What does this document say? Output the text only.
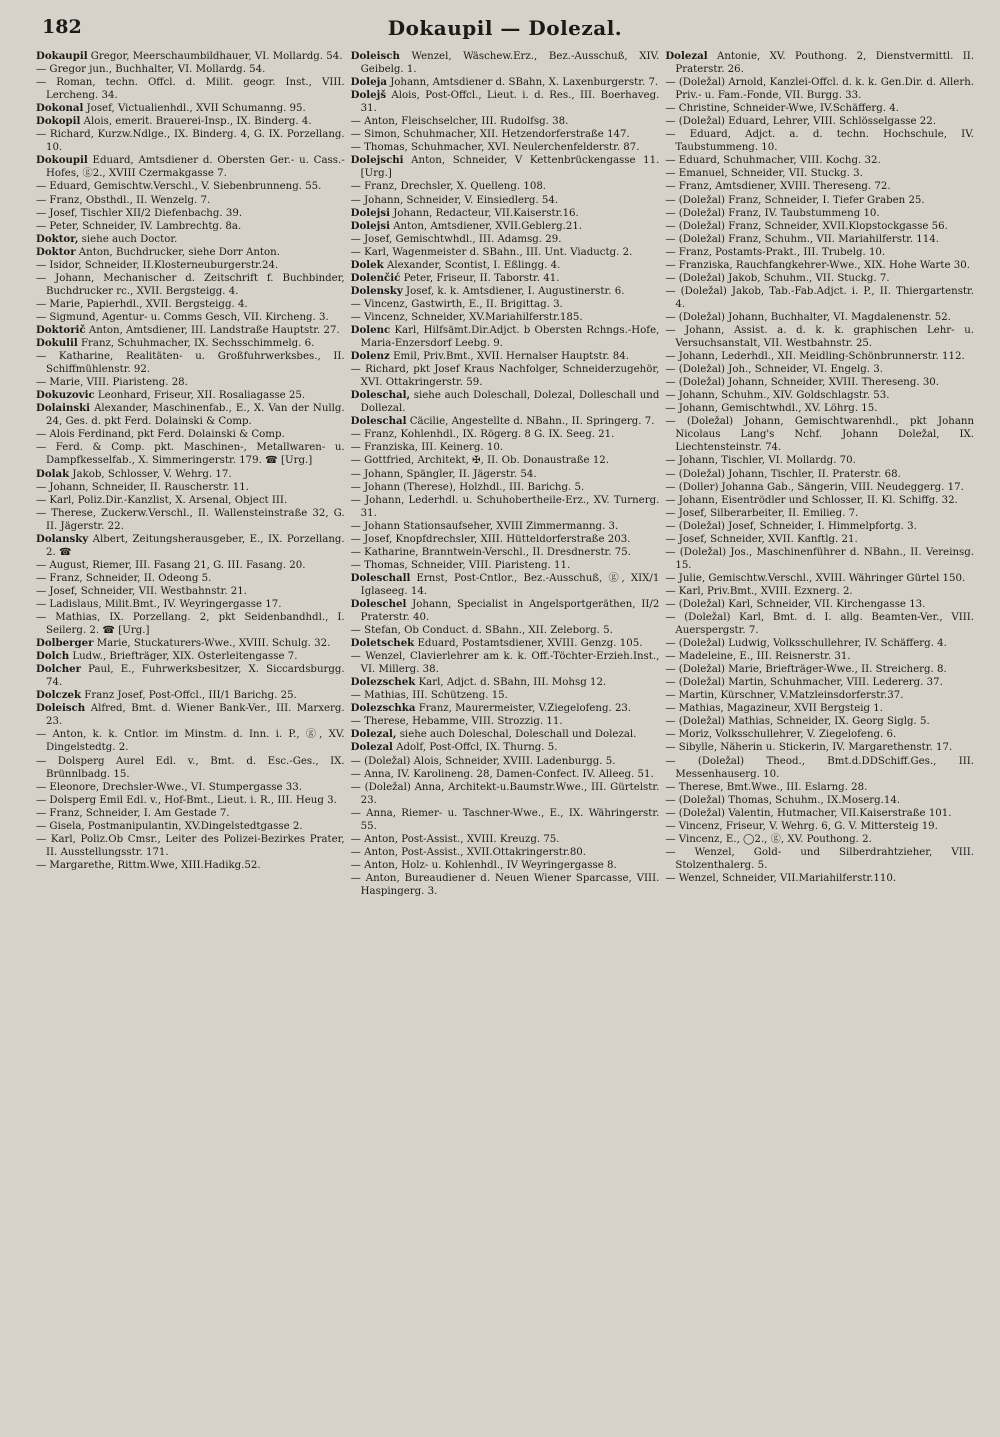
182	Dokaupil — Dolezal.

Dokaupil Gregor, Meerschaumbildhauer, VI. Mollardg. 54.

— Gregor jun., Buchhalter, VI. Mollardg. 54.

— Roman, techn. Offcl. d. Milit. geogr. Inst., VIII. Lercheng. 34.

Dokonal Josef, Victualienhdl., XVII Schumanng. 95.

Dokopil Alois, emerit. Brauerei-Insp., IX. Binderg. 4.

— Richard, Kurzw.Ndlge., IX. Binderg. 4, G. IX. Porzellang. 10.

Dokoupil Eduard, Amtsdiener d. Obersten Ger.- u. Cass.-Hofes, ⓖ2., XVIII Czermakgasse 7.

— Eduard, Gemischtw.Verschl., V. Siebenbrunneng. 55.

— Franz, Obsthdl., II. Wenzelg. 7.

— Josef, Tischler XII/2 Diefenbachg. 39.

— Peter, Schneider, IV. Lambrechtg. 8a.

Doktor, siehe auch Doctor.

Doktor Anton, Buchdrucker, siehe Dorr Anton.

— Isidor, Schneider, II.Klosterneuburgerstr.24.

— Johann, Mechanischer d. Zeitschrift f. Buchbinder, Buchdrucker rc., XVII. Bergsteigg. 4.

— Marie, Papierhdl., XVII. Bergsteigg. 4.

— Sigmund, Agentur- u. Comms Gesch, VII. Kircheng. 3.

Doktorič Anton, Amtsdiener, III. Landstraße Hauptstr. 27.

Dokulil Franz, Schuhmacher, IX. Sechsschimmelg. 6.

— Katharine, Realitäten- u. Großfuhrwerksbes., II. Schiffmühlenstr. 92.

— Marie, VIII. Piaristeng. 28.

Dokuzovic Leonhard, Friseur, XII. Rosaliagasse 25.

Dolainski Alexander, Maschinenfab., E., X. Van der Nullg. 24, Ges. d. pkt Ferd. Dolainski & Comp.

— Alois Ferdinand, pkt Ferd. Dolainski & Comp.

— Ferd. & Comp. pkt. Maschinen-, Metallwaren- u. Dampfkesselfab., X. Simmeringerstr. 179. ☎ [Urg.]

Dolak Jakob, Schlosser, V. Wehrg. 17.

— Johann, Schneider, II. Rauscherstr. 11.

— Karl, Poliz.Dir.-Kanzlist, X. Arsenal, Object III.

— Therese, Zuckerw.Verschl., II. Wallensteinstraße 32, G. II. Jägerstr. 22.

Dolansky Albert, Zeitungsherausgeber, E., IX. Porzellang. 2. ☎

— August, Riemer, III. Fasang 21, G. III. Fasang. 20.

— Franz, Schneider, II. Odeong 5.

— Josef, Schneider, VII. Westbahnstr. 21.

— Ladislaus, Milit.Bmt., IV. Weyringergasse 17.

— Mathias, IX. Porzellang. 2, pkt Seidenbandhdl., I. Seilerg. 2. ☎ [Urg.]

Dolberger Marie, Stuckaturers-Wwe., XVIII. Schulg. 32.

Dolch Ludw., Briefträger, XIX. Osterleitengasse 7.

Dolcher Paul, E., Fuhrwerksbesitzer, X. Siccardsburgg. 74.

Dolczek Franz Josef, Post-Offcl., III/1 Barichg. 25.

Doleisch Alfred, Bmt. d. Wiener Bank-Ver., III. Marxerg. 23.

— Anton, k. k. Cntlor. im Minstm. d. Inn. i. P., ⓖ, XV. Dingelstedtg. 2.

— Dolsperg Aurel Edl. v., Bmt. d. Esc.-Ges., IX. Brünnlbadg. 15.

— Eleonore, Drechsler-Wwe., VI. Stumpergasse 33.

— Dolsperg Emil Edl. v., Hof-Bmt., Lieut. i. R., III. Heug 3.

— Franz, Schneider, I. Am Gestade 7.

— Gisela, Postmanipulantin, XV.Dingelstedtgasse 2.

— Karl, Poliz.Ob Cmsr., Leiter des Polizei-Bezirkes Prater, II. Ausstellungsstr. 171.

— Margarethe, Rittm.Wwe, XIII.Hadikg.52.

Doleisch Wenzel, Wäschew.Erz., Bez.-Ausschuß, XIV. Geibelg. 1.

Doleja Johann, Amtsdiener d. SBahn, X. Laxenburgerstr. 7.

Dolejš Alois, Post-Offcl., Lieut. i. d. Res., III. Boerhaveg. 31.

— Anton, Fleischselcher, III. Rudolfsg. 38.

— Simon, Schuhmacher, XII. Hetzendorferstraße 147.

— Thomas, Schuhmacher, XVI. Neulerchenfelderstr. 87.

Dolejschi Anton, Schneider, V Kettenbrückengasse 11. [Urg.]

— Franz, Drechsler, X. Quelleng. 108.

— Johann, Schneider, V. Einsiedlerg. 54.

Dolejsi Johann, Redacteur, VII.Kaiserstr.16.

Dolejsi Anton, Amtsdiener, XVII.Geblerg.21.

— Josef, Gemischtwhdl., III. Adamsg. 29.

— Karl, Wagenmeister d. SBahn., III. Unt. Viaductg. 2.

Dolek Alexander, Scontist, I. Eßlingg. 4.

Dolenčić Peter, Friseur, II. Taborstr. 41.

Dolensky Josef, k. k. Amtsdiener, I. Augustinerstr. 6.

— Vincenz, Gastwirth, E., II. Brigittag. 3.

— Vincenz, Schneider, XV.Mariahilferstr.185.

Dolenc Karl, Hilfsämt.Dir.Adjct. b Obersten Rchngs.-Hofe, Maria-Enzersdorf Leebg. 9.

Dolenz Emil, Priv.Bmt., XVII. Hernalser Hauptstr. 84.

— Richard, pkt Josef Kraus Nachfolger, Schneiderzugehör, XVI. Ottakringerstr. 59.

Doleschal, siehe auch Doleschall, Dolezal, Dolleschall und Dollezal.

Doleschal Cäcilie, Angestellte d. NBahn., II. Springerg. 7.

— Franz, Kohlenhdl., IX. Rögerg. 8 G. IX. Seeg. 21.

— Franziska, III. Keinerg. 10.

— Gottfried, Architekt, ✠, II. Ob. Donaustraße 12.

— Johann, Spängler, II. Jägerstr. 54.

— Johann (Therese), Holzhdl., III. Barichg. 5.

— Johann, Lederhdl. u. Schuhobertheile-Erz., XV. Turnerg. 31.

— Johann Stationsaufseher, XVIII Zimmermanng. 3.

— Josef, Knopfdrechsler, XIII. Hütteldorferstraße 203.

— Katharine, Branntwein-Verschl., II. Dresdnerstr. 75.

— Thomas, Schneider, VIII. Piaristeng. 11.

Doleschall Ernst, Post-Cntlor., Bez.-Ausschuß, ⓖ, XIX/1 Iglaseeg. 14.

Doleschel Johann, Specialist in Angelsportgeräthen, II/2 Praterstr. 40.

— Stefan, Ob Conduct. d. SBahn., XII. Zeleborg. 5.

Doletschek Eduard, Postamtsdiener, XVIII. Genzg. 105.

— Wenzel, Clavierlehrer am k. k. Off.-Töchter-Erzieh.Inst., VI. Millerg. 38.

Dolezschek Karl, Adjct. d. SBahn, III. Mohsg 12.

— Mathias, III. Schützeng. 15.

Dolezschka Franz, Maurermeister, V.Ziegelofeng. 23.

— Therese, Hebamme, VIII. Strozzig. 11.

Dolezal, siehe auch Doleschal, Doleschall und Dolezal.

Dolezal Adolf, Post-Offcl, IX. Thurng. 5.

— (Doležal) Alois, Schneider, XVIII. Ladenburgg. 5.

— Anna, IV. Karolineng. 28, Damen-Confect. IV. Alleeg. 51.

— (Doležal) Anna, Architekt-u.Baumstr.Wwe., III. Gürtelstr. 23.

— Anna, Riemer- u. Taschner-Wwe., E., IX. Währingerstr. 55.

— Anton, Post-Assist., XVIII. Kreuzg. 75.

— Anton, Post-Assist., XVII.Ottakringerstr.80.

— Anton, Holz- u. Kohlenhdl., IV Weyringergasse 8.

— Anton, Bureaudiener d. Neuen Wiener Sparcasse, VIII. Haspingerg. 3.

Dolezal Antonie, XV. Pouthong. 2, Dienstvermittl. II. Praterstr. 26.

— (Doležal) Arnold, Kanzlei-Offcl. d. k. k. Gen.Dir. d. Allerh. Priv.- u. Fam.-Fonde, VII. Burgg. 33.

— Christine, Schneider-Wwe, IV.Schäfferg. 4.

— (Doležal) Eduard, Lehrer, VIII. Schlösselgasse 22.

— Eduard, Adjct. a. d. techn. Hochschule, IV. Taubstummeng. 10.

— Eduard, Schuhmacher, VIII. Kochg. 32.

— Emanuel, Schneider, VII. Stuckg. 3.

— Franz, Amtsdiener, XVIII. Thereseng. 72.

— (Doležal) Franz, Schneider, I. Tiefer Graben 25.

— (Doležal) Franz, IV. Taubstummeng 10.

— (Doležal) Franz, Schneider, XVII.Klopstockgasse 56.

— (Doležal) Franz, Schuhm., VII. Mariahilferstr. 114.

— Franz, Postamts-Prakt., III. Trubelg. 10.

— Franziska, Rauchfangkehrer-Wwe., XIX. Hohe Warte 30.

— (Doležal) Jakob, Schuhm., VII. Stuckg. 7.

— (Doležal) Jakob, Tab.-Fab.Adjct. i. P., II. Thiergartenstr. 4.

— (Doležal) Johann, Buchhalter, VI. Magdalenenstr. 52.

— Johann, Assist. a. d. k. k. graphischen Lehr- u. Versuchsanstalt, VII. Westbahnstr. 25.

— Johann, Lederhdl., XII. Meidling-Schönbrunnerstr. 112.

— (Doležal) Joh., Schneider, VI. Engelg. 3.

— (Doležal) Johann, Schneider, XVIII. Thereseng. 30.

— Johann, Schuhm., XIV. Goldschlagstr. 53.

— Johann, Gemischtwhdl., XV. Löhrg. 15.

— (Doležal) Johann, Gemischtwarenhdl., pkt Johann Nicolaus Lang's Nchf. Johann Doležal, IX. Liechtensteinstr. 74.

— Johann, Tischler, VI. Mollardg. 70.

— (Doležal) Johann, Tischler, II. Praterstr. 68.

— (Doller) Johanna Gab., Sängerin, VIII. Neudeggerg. 17.

— Johann, Eisentrödler und Schlosser, II. Kl. Schiffg. 32.

— Josef, Silberarbeiter, II. Emilieg. 7.

— (Doležal) Josef, Schneider, I. Himmelpfortg. 3.

— Josef, Schneider, XVII. Kanftlg. 21.

— (Doležal) Jos., Maschinenführer d. NBahn., II. Vereinsg. 15.

— Julie, Gemischtw.Verschl., XVIII. Währinger Gürtel 150.

— Karl, Priv.Bmt., XVIII. Ezxnerg. 2.

— (Doležal) Karl, Schneider, VII. Kirchengasse 13.

— (Doležal) Karl, Bmt. d. I. allg. Beamten-Ver., VIII. Auerspergstr. 7.

— (Doležal) Ludwig, Volksschullehrer, IV. Schäfferg. 4.

— Madeleine, E., III. Reisnerstr. 31.

— (Doležal) Marie, Briefträger-Wwe., II. Streicherg. 8.

— (Doležal) Martin, Schuhmacher, VIII. Ledererg. 37.

— Martin, Kürschner, V.Matzleinsdorferstr.37.

— Mathias, Magazineur, XVII Bergsteig 1.

— (Doležal) Mathias, Schneider, IX. Georg Siglg. 5.

— Moriz, Volksschullehrer, V. Ziegelofeng. 6.

— Sibylle, Näherin u. Stickerin, IV. Margarethenstr. 17.

— (Doležal) Theod., Bmt.d.DDSchiff.Ges., III. Messenhauserg. 10.

— Therese, Bmt.Wwe., III. Eslarng. 28.

— (Doležal) Thomas, Schuhm., IX.Moserg.14.

— (Doležal) Valentin, Hutmacher, VII.Kaiserstraße 101.

— Vincenz, Friseur, V. Wehrg. 6, G. V. Mittersteig 19.

— Vincenz, E., ◯2., ⓖ, XV. Pouthong. 2.

— Wenzel, Gold- und Silberdrahtzieher, VIII. Stolzenthalerg. 5.

— Wenzel, Schneider, VII.Mariahilferstr.110.
